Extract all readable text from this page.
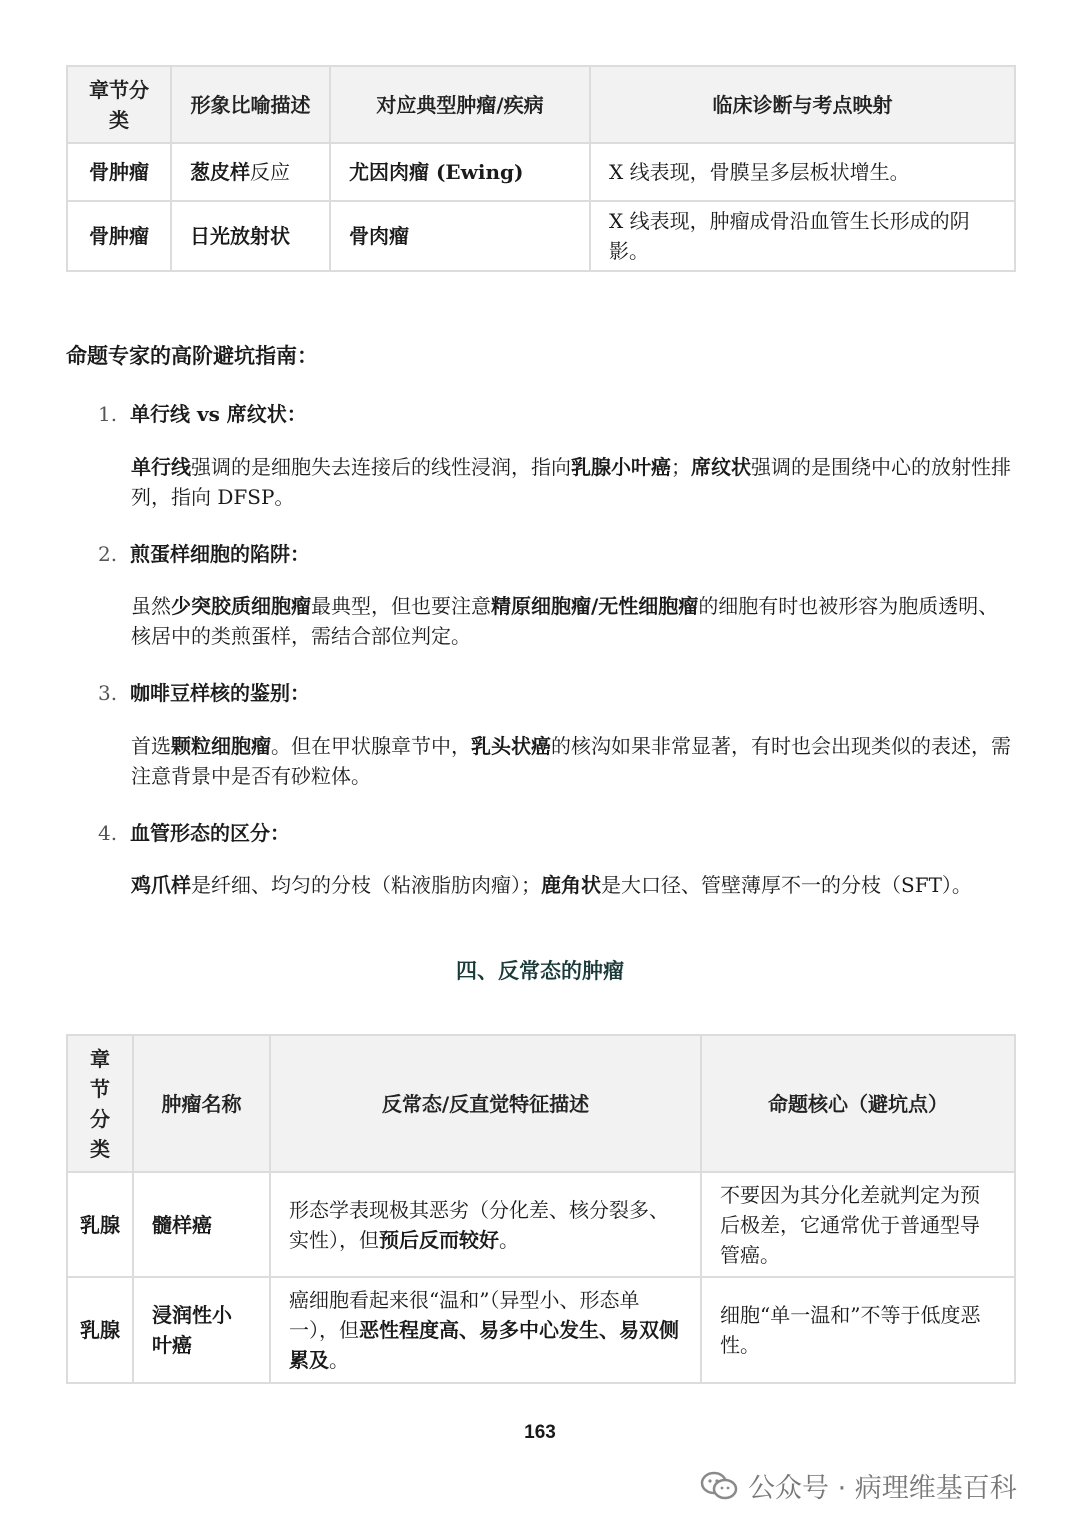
章节分类	形象比喻描述	对应典型肿瘤/疾病	临床诊断与考点映射
骨肿瘤	葱皮样反应	尤因肉瘤 (Ewing)	X 线表现，骨膜呈多层板状增生。
骨肿瘤	日光放射状	骨肉瘤	X 线表现，肿瘤成骨沿血管生长形成的阴影。

命题专家的高阶避坑指南：

1. 单行线 vs 席纹状：

单行线强调的是细胞失去连接后的线性浸润，指向乳腺小叶癌；席纹状强调的是围绕中心的放射性排列，指向 DFSP。

2. 煎蛋样细胞的陷阱：

虽然少突胶质细胞瘤最典型，但也要注意精原细胞瘤/无性细胞瘤的细胞有时也被形容为胞质透明、核居中的类煎蛋样，需结合部位判定。

3. 咖啡豆样核的鉴别：

首选颗粒细胞瘤。但在甲状腺章节中，乳头状癌的核沟如果非常显著，有时也会出现类似的表述，需注意背景中是否有砂粒体。

4. 血管形态的区分：

鸡爪样是纤细、均匀的分枝（粘液脂肪肉瘤）；鹿角状是大口径、管壁薄厚不一的分枝（SFT）。

四、反常态的肿瘤

章节分类	肿瘤名称	反常态/反直觉特征描述	命题核心（避坑点）
乳腺	髓样癌	形态学表现极其恶劣（分化差、核分裂多、实性），但预后反而较好。	不要因为其分化差就判定为预后极差，它通常优于普通型导管癌。
乳腺	浸润性小叶癌	癌细胞看起来很“温和”（异型小、形态单一），但恶性程度高、易多中心发生、易双侧累及。	细胞“单一温和”不等于低度恶性。

163

公众号 · 病理维基百科
